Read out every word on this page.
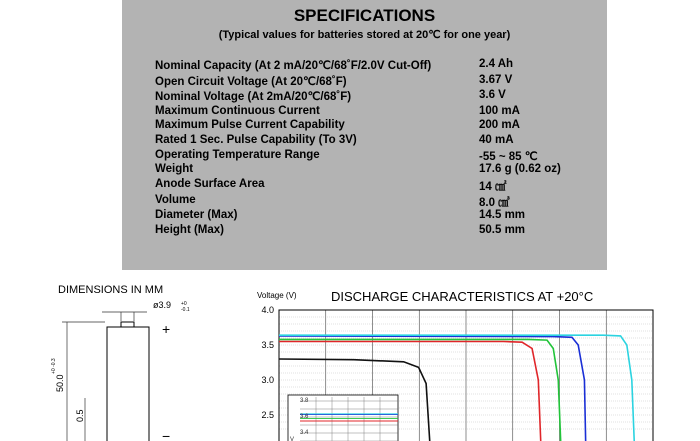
SPECIFICATIONS
(Typical values for batteries stored at 20℃ for one year)
Nominal Capacity (At 2 mA/20℃/68˚F/2.0V Cut-Off)	2.4 Ah
Open Circuit Voltage (At 20℃/68˚F)	3.67 V
Nominal Voltage (At 2mA/20℃/68˚F)	3.6 V
Maximum Continuous Current	100 mA
Maximum Pulse Current Capability	200 mA
Rated 1 Sec. Pulse Capability (To 3V)	40 mA
Operating Temperature Range	-55 ~ 85 ℃
Weight	17.6 g (0.62 oz)
Anode Surface Area	14 ㎠
Volume	8.0 ㎤
Diameter (Max)	14.5 mm
Height (Max)	50.5 mm
DIMENSIONS IN MM
ø3.9 +0
-0.1
50.0
+0 -0.3
0.5
+
−
DISCHARGE CHARACTERISTICS AT +20°C
Voltage (V)
4.0
3.5
3.0
2.5
V
3.8
3.6
3.4
